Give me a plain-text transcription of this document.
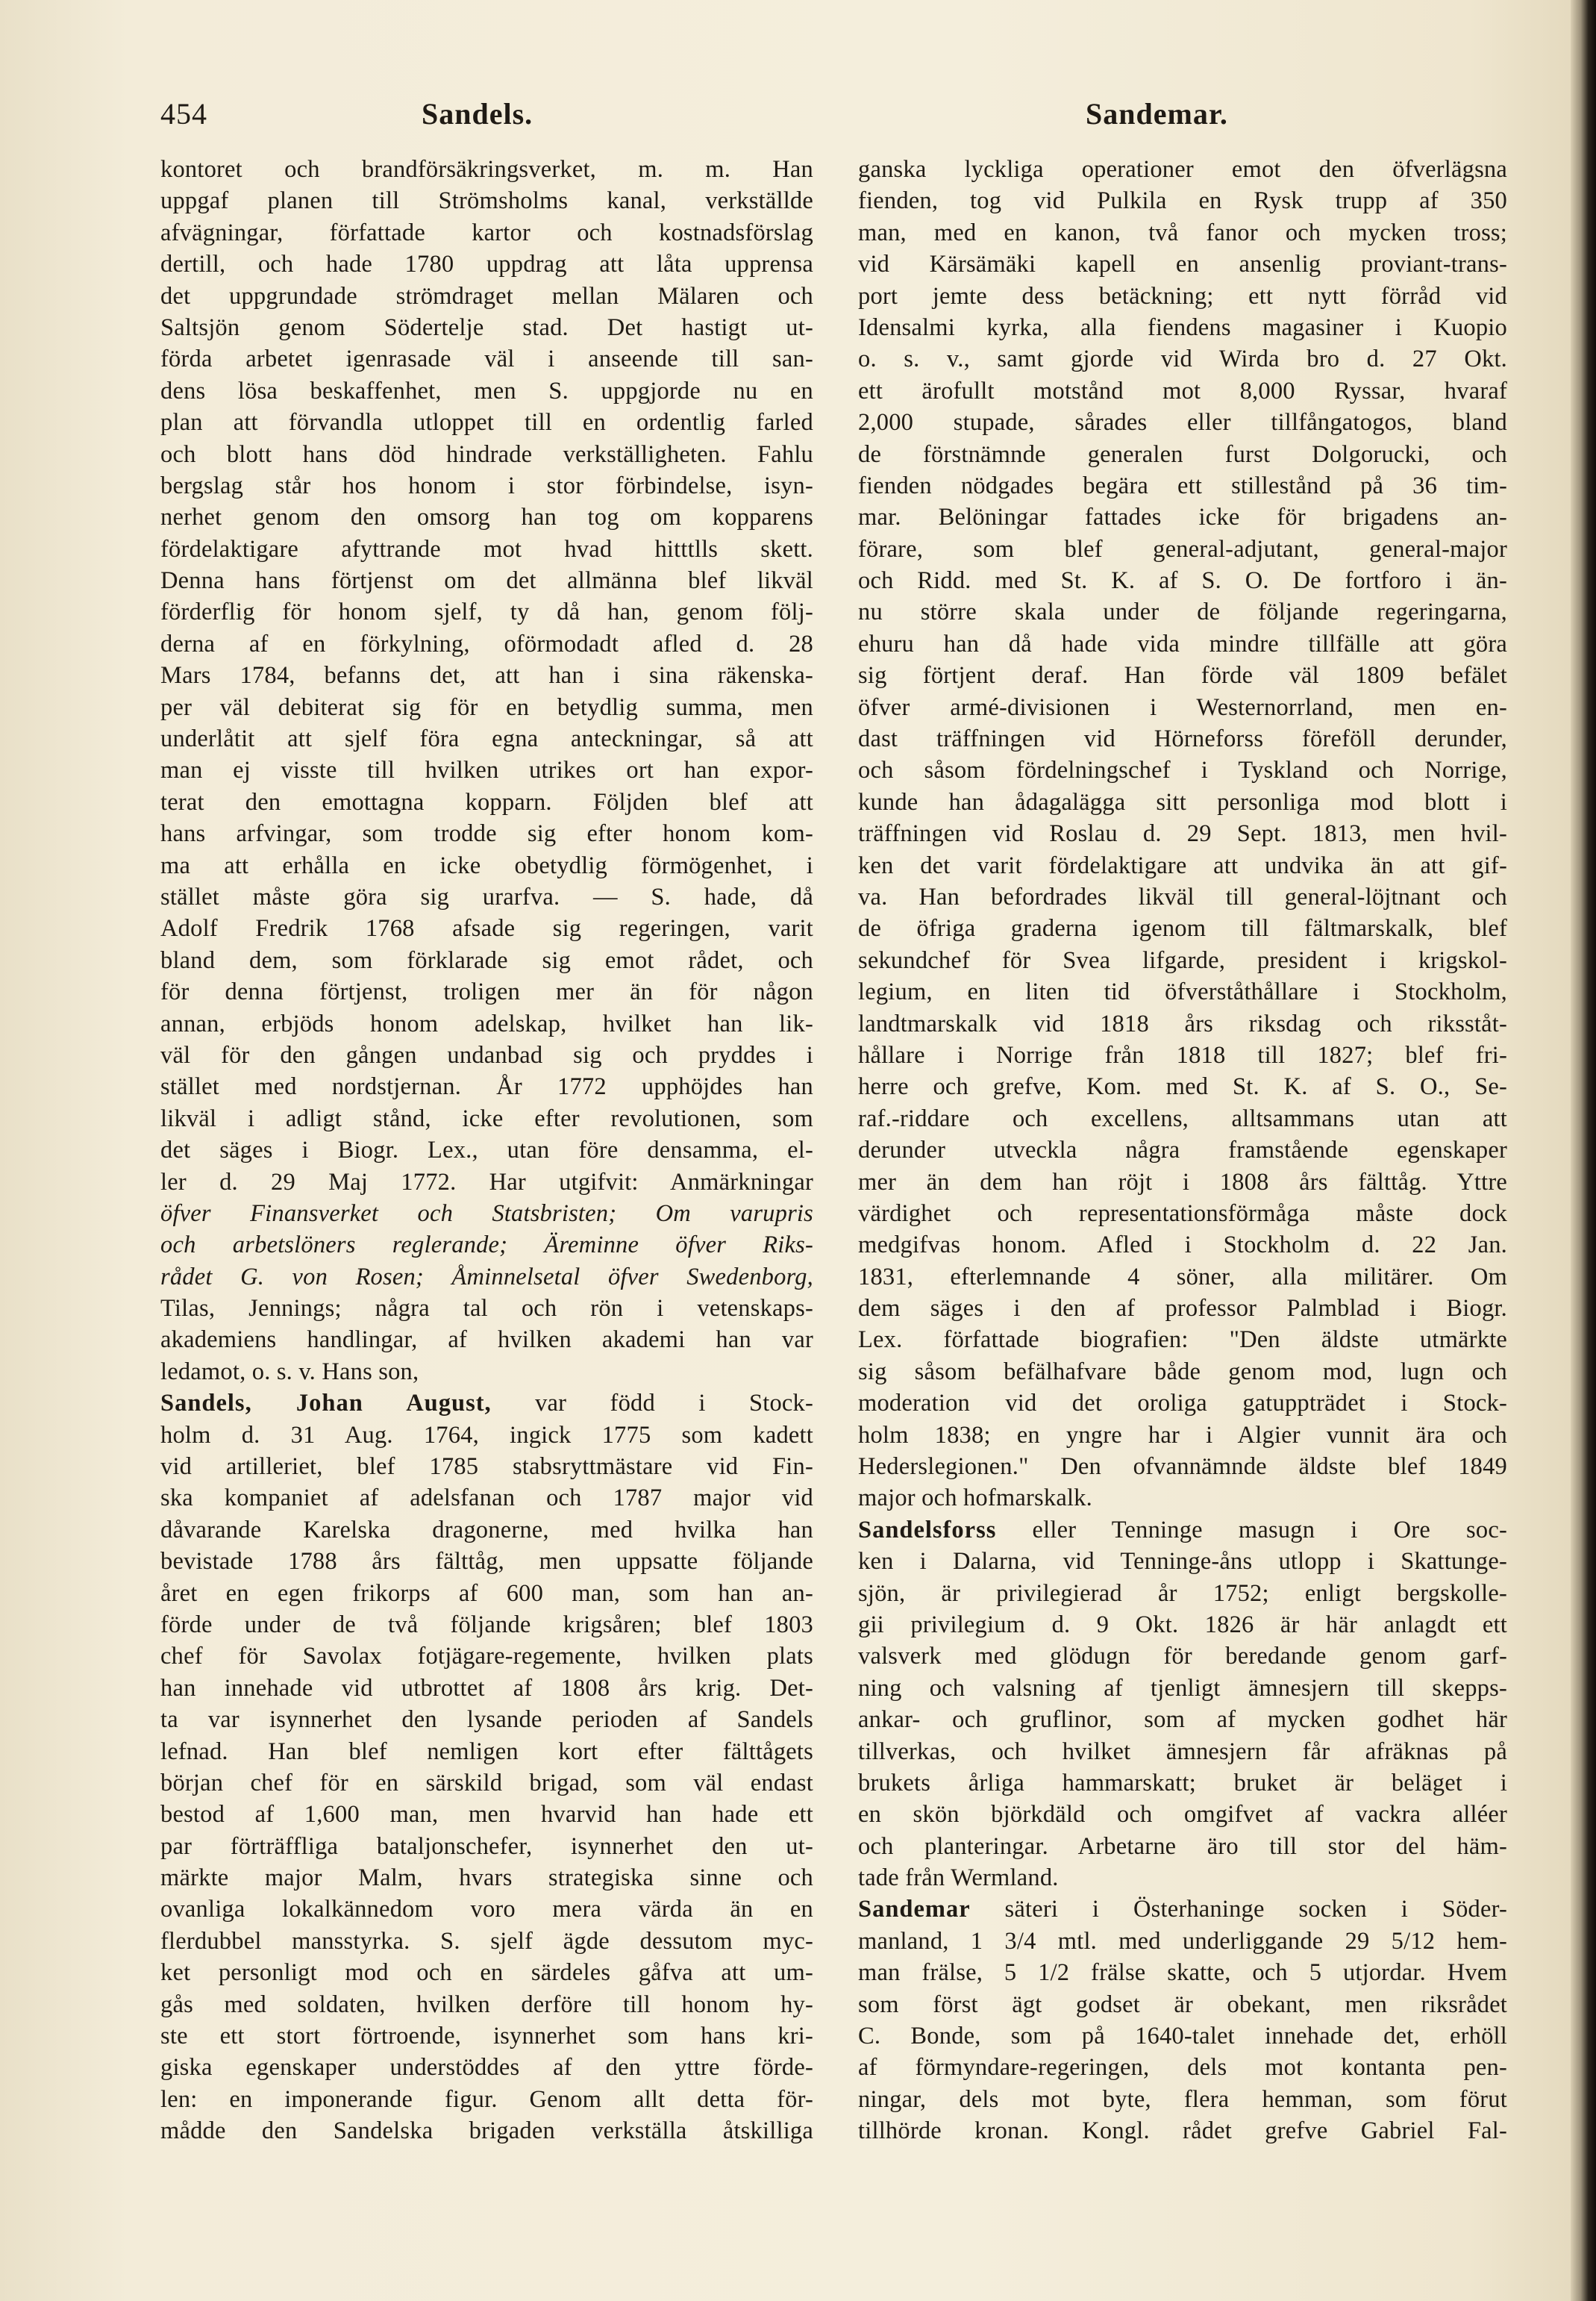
454	Sandels.	Sandemar.
kontoret och brandförsäkringsverket, m. m. Han
uppgaf planen till Strömsholms kanal, verkställde
afvägningar, författade kartor och kostnadsförslag
dertill, och hade 1780 uppdrag att låta upprensa
det uppgrundade strömdraget mellan Mälaren och
Saltsjön genom Södertelje stad. Det hastigt ut-
förda arbetet igenrasade väl i anseende till san-
dens lösa beskaffenhet, men S. uppgjorde nu en
plan att förvandla utloppet till en ordentlig farled
och blott hans död hindrade verkställigheten. Fahlu
bergslag står hos honom i stor förbindelse, isyn-
nerhet genom den omsorg han tog om kopparens
fördelaktigare afyttrande mot hvad hitttlls skett.
Denna hans förtjenst om det allmänna blef likväl
förderflig för honom sjelf, ty då han, genom följ-
derna af en förkylning, oförmodadt afled d. 28
Mars 1784, befanns det, att han i sina räkenska-
per väl debiterat sig för en betydlig summa, men
underlåtit att sjelf föra egna anteckningar, så att
man ej visste till hvilken utrikes ort han expor-
terat den emottagna kopparn. Följden blef att
hans arfvingar, som trodde sig efter honom kom-
ma att erhålla en icke obetydlig förmögenhet, i
stället måste göra sig urarfva. — S. hade, då
Adolf Fredrik 1768 afsade sig regeringen, varit
bland dem, som förklarade sig emot rådet, och
för denna förtjenst, troligen mer än för någon
annan, erbjöds honom adelskap, hvilket han lik-
väl för den gången undanbad sig och pryddes i
stället med nordstjernan. År 1772 upphöjdes han
likväl i adligt stånd, icke efter revolutionen, som
det säges i Biogr. Lex., utan före densamma, el-
ler d. 29 Maj 1772. Har utgifvit: Anmärkningar
öfver Finansverket och Statsbristen; Om varupris
och arbetslöners reglerande; Äreminne öfver Riks-
rådet G. von Rosen; Åminnelsetal öfver Swedenborg,
Tilas, Jennings; några tal och rön i vetenskaps-
akademiens handlingar, af hvilken akademi han var
ledamot, o. s. v. Hans son,
Sandels, Johan August, var född i Stock-
holm d. 31 Aug. 1764, ingick 1775 som kadett
vid artilleriet, blef 1785 stabsryttmästare vid Fin-
ska kompaniet af adelsfanan och 1787 major vid
dåvarande Karelska dragonerne, med hvilka han
bevistade 1788 års fälttåg, men uppsatte följande
året en egen frikorps af 600 man, som han an-
förde under de två följande krigsåren; blef 1803
chef för Savolax fotjägare-regemente, hvilken plats
han innehade vid utbrottet af 1808 års krig. Det-
ta var isynnerhet den lysande perioden af Sandels
lefnad. Han blef nemligen kort efter fälttågets
början chef för en särskild brigad, som väl endast
bestod af 1,600 man, men hvarvid han hade ett
par förträffliga bataljonschefer, isynnerhet den ut-
märkte major Malm, hvars strategiska sinne och
ovanliga lokalkännedom voro mera värda än en
flerdubbel mansstyrka. S. sjelf ägde dessutom myc-
ket personligt mod och en särdeles gåfva att um-
gås med soldaten, hvilken derföre till honom hy-
ste ett stort förtroende, isynnerhet som hans kri-
giska egenskaper understöddes af den yttre förde-
len: en imponerande figur. Genom allt detta för-
mådde den Sandelska brigaden verkställa åtskilliga
ganska lyckliga operationer emot den öfverlägsna
fienden, tog vid Pulkila en Rysk trupp af 350
man, med en kanon, två fanor och mycken tross;
vid Kärsämäki kapell en ansenlig proviant-trans-
port jemte dess betäckning; ett nytt förråd vid
Idensalmi kyrka, alla fiendens magasiner i Kuopio
o. s. v., samt gjorde vid Wirda bro d. 27 Okt.
ett ärofullt motstånd mot 8,000 Ryssar, hvaraf
2,000 stupade, sårades eller tillfångatogos, bland
de förstnämnde generalen furst Dolgorucki, och
fienden nödgades begära ett stillestånd på 36 tim-
mar. Belöningar fattades icke för brigadens an-
förare, som blef general-adjutant, general-major
och Ridd. med St. K. af S. O. De fortforo i än-
nu större skala under de följande regeringarna,
ehuru han då hade vida mindre tillfälle att göra
sig förtjent deraf. Han förde väl 1809 befälet
öfver armé-divisionen i Westernorrland, men en-
dast träffningen vid Hörneforss föreföll derunder,
och såsom fördelningschef i Tyskland och Norrige,
kunde han ådagalägga sitt personliga mod blott i
träffningen vid Roslau d. 29 Sept. 1813, men hvil-
ken det varit fördelaktigare att undvika än att gif-
va. Han befordrades likväl till general-löjtnant och
de öfriga graderna igenom till fältmarskalk, blef
sekundchef för Svea lifgarde, president i krigskol-
legium, en liten tid öfverståthållare i Stockholm,
landtmarskalk vid 1818 års riksdag och riksståt-
hållare i Norrige från 1818 till 1827; blef fri-
herre och grefve, Kom. med St. K. af S. O., Se-
raf.-riddare och excellens, alltsammans utan att
derunder utveckla några framstående egenskaper
mer än dem han röjt i 1808 års fälttåg. Yttre
värdighet och representationsförmåga måste dock
medgifvas honom. Afled i Stockholm d. 22 Jan.
1831, efterlemnande 4 söner, alla militärer. Om
dem säges i den af professor Palmblad i Biogr.
Lex. författade biografien: "Den äldste utmärkte
sig såsom befälhafvare både genom mod, lugn och
moderation vid det oroliga gatuppträdet i Stock-
holm 1838; en yngre har i Algier vunnit ära och
Hederslegionen." Den ofvannämnde äldste blef 1849
major och hofmarskalk.
Sandelsforss eller Tenninge masugn i Ore soc-
ken i Dalarna, vid Tenninge-åns utlopp i Skattunge-
sjön, är privilegierad år 1752; enligt bergskolle-
gii privilegium d. 9 Okt. 1826 är här anlagdt ett
valsverk med glödugn för beredande genom garf-
ning och valsning af tjenligt ämnesjern till skepps-
ankar- och gruflinor, som af mycken godhet här
tillverkas, och hvilket ämnesjern får afräknas på
brukets årliga hammarskatt; bruket är beläget i
en skön björkdäld och omgifvet af vackra alléer
och planteringar. Arbetarne äro till stor del häm-
tade från Wermland.
Sandemar säteri i Österhaninge socken i Söder-
manland, 1 3/4 mtl. med underliggande 29 5/12 hem-
man frälse, 5 1/2 frälse skatte, och 5 utjordar. Hvem
som först ägt godset är obekant, men riksrådet
C. Bonde, som på 1640-talet innehade det, erhöll
af förmyndare-regeringen, dels mot kontanta pen-
ningar, dels mot byte, flera hemman, som förut
tillhörde kronan. Kongl. rådet grefve Gabriel Fal-
